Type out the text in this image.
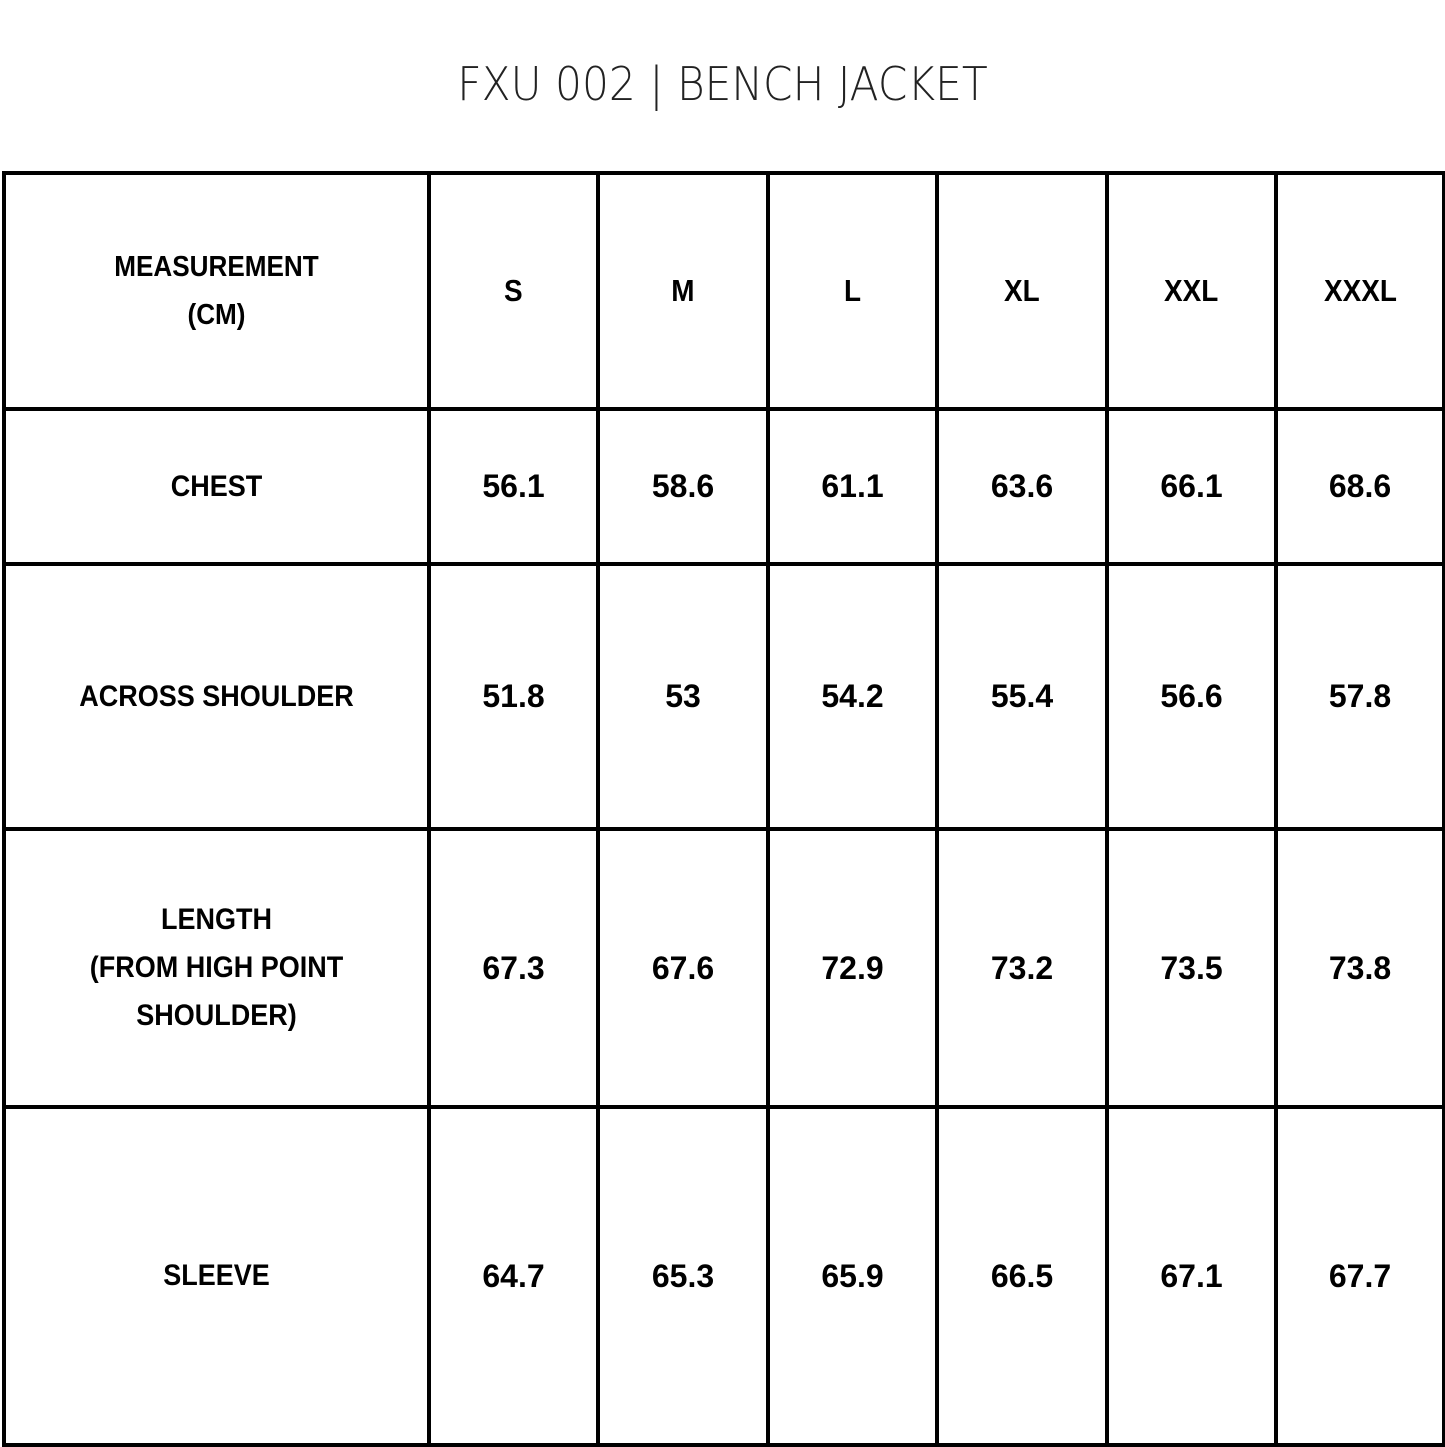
FXU 002 | BENCH JACKET
MEASUREMENT
(CM)	S	M	L	XL	XXL	XXXL

CHEST	56.1	58.6	61.1	63.6	66.1	68.6

ACROSS SHOULDER	51.8	53	54.2	55.4	56.6	57.8

LENGTH
(FROM HIGH POINT
SHOULDER)	67.3	67.6	72.9	73.2	73.5	73.8

SLEEVE	64.7	65.3	65.9	66.5	67.1	67.7
